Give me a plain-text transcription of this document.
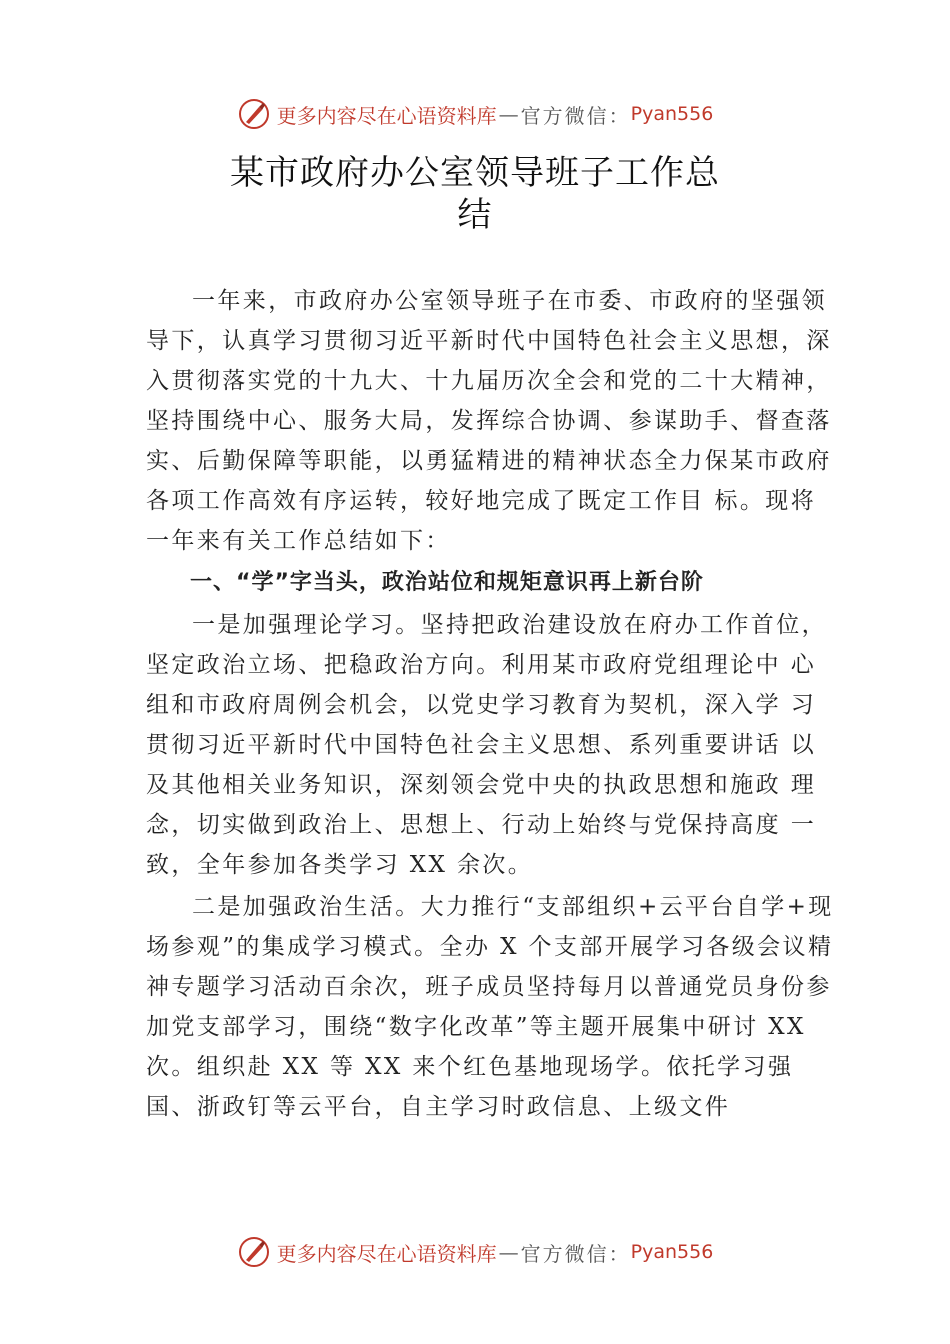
更多内容尽在心语资料库 — 官方微信： Pyan556
某市政府办公室领导班子工作总
结

一年来，市政府办公室领导班子在市委、市政府的坚强领导下，认真学习贯彻习近平新时代中国特色社会主义思想，深入贯彻落实党的十九大、十九届历次全会和党的二十大精神，坚持围绕中心、服务大局，发挥综合协调、参谋助手、督查落实、后勤保障等职能，以勇猛精进的精神状态全力保某市政府各项工作高效有序运转，较好地完成了既定工作目 标。现将一年来有关工作总结如下：

一、“学”字当头，政治站位和规矩意识再上新台阶

一是加强理论学习。坚持把政治建设放在府办工作首位，坚定政治立场、把稳政治方向。利用某市政府党组理论中 心组和市政府周例会机会，以党史学习教育为契机，深入学 习贯彻习近平新时代中国特色社会主义思想、系列重要讲话 以及其他相关业务知识，深刻领会党中央的执政思想和施政 理念，切实做到政治上、思想上、行动上始终与党保持高度 一致，全年参加各类学习 XX 余次。

二是加强政治生活。大力推行“支部组织+云平台自学+现场参观”的集成学习模式。全办 X 个支部开展学习各级会议精神专题学习活动百余次，班子成员坚持每月以普通党员身份参加党支部学习，围绕“数字化改革”等主题开展集中研讨 XX 次。组织赴 XX 等 XX 来个红色基地现场学。依托学习强国、浙政钉等云平台，自主学习时政信息、上级文件

更多内容尽在心语资料库 — 官方微信： Pyan556
